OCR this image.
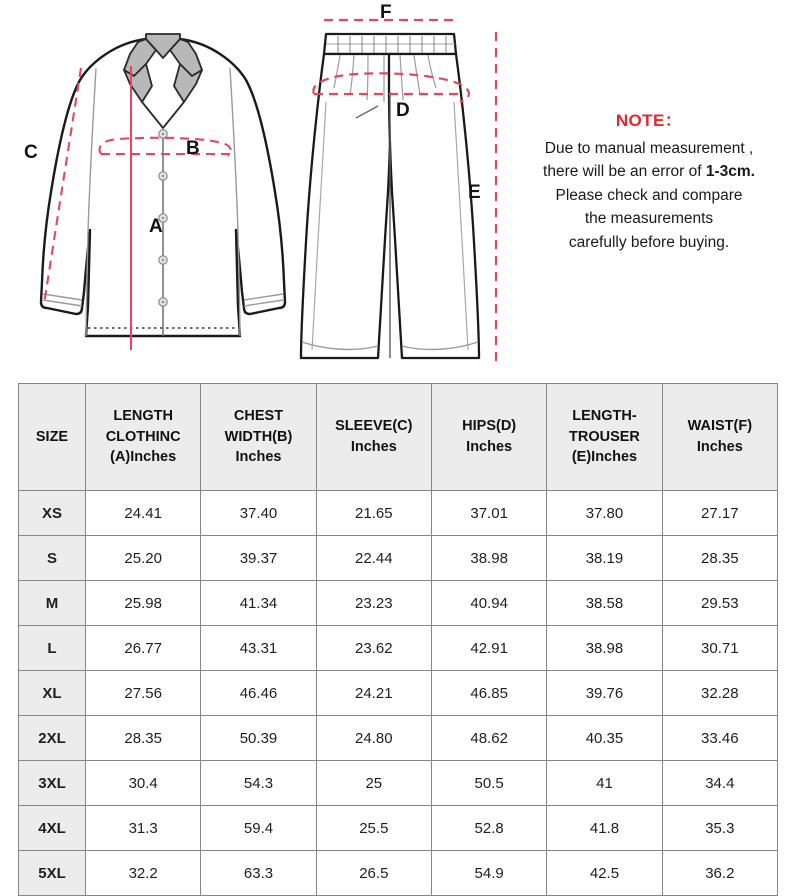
A
B
C
D
E
F
NOTE：
Due to manual measurement ,
there will be an error of 1-3cm.
Please check and compare
the measurements
carefully before buying.
SIZE

LENGTH
CLOTHINC
(A)Inches

CHEST
WIDTH(B)
Inches

SLEEVE(C)
Inches

HIPS(D)
Inches

LENGTH-
TROUSER
(E)Inches

WAIST(F)
Inches

XS	24.41	37.40	21.65	37.01	37.80	27.17
S	25.20	39.37	22.44	38.98	38.19	28.35
M	25.98	41.34	23.23	40.94	38.58	29.53
L	26.77	43.31	23.62	42.91	38.98	30.71
XL	27.56	46.46	24.21	46.85	39.76	32.28
2XL	28.35	50.39	24.80	48.62	40.35	33.46
3XL	30.4	54.3	25	50.5	41	34.4
4XL	31.3	59.4	25.5	52.8	41.8	35.3
5XL	32.2	63.3	26.5	54.9	42.5	36.2
